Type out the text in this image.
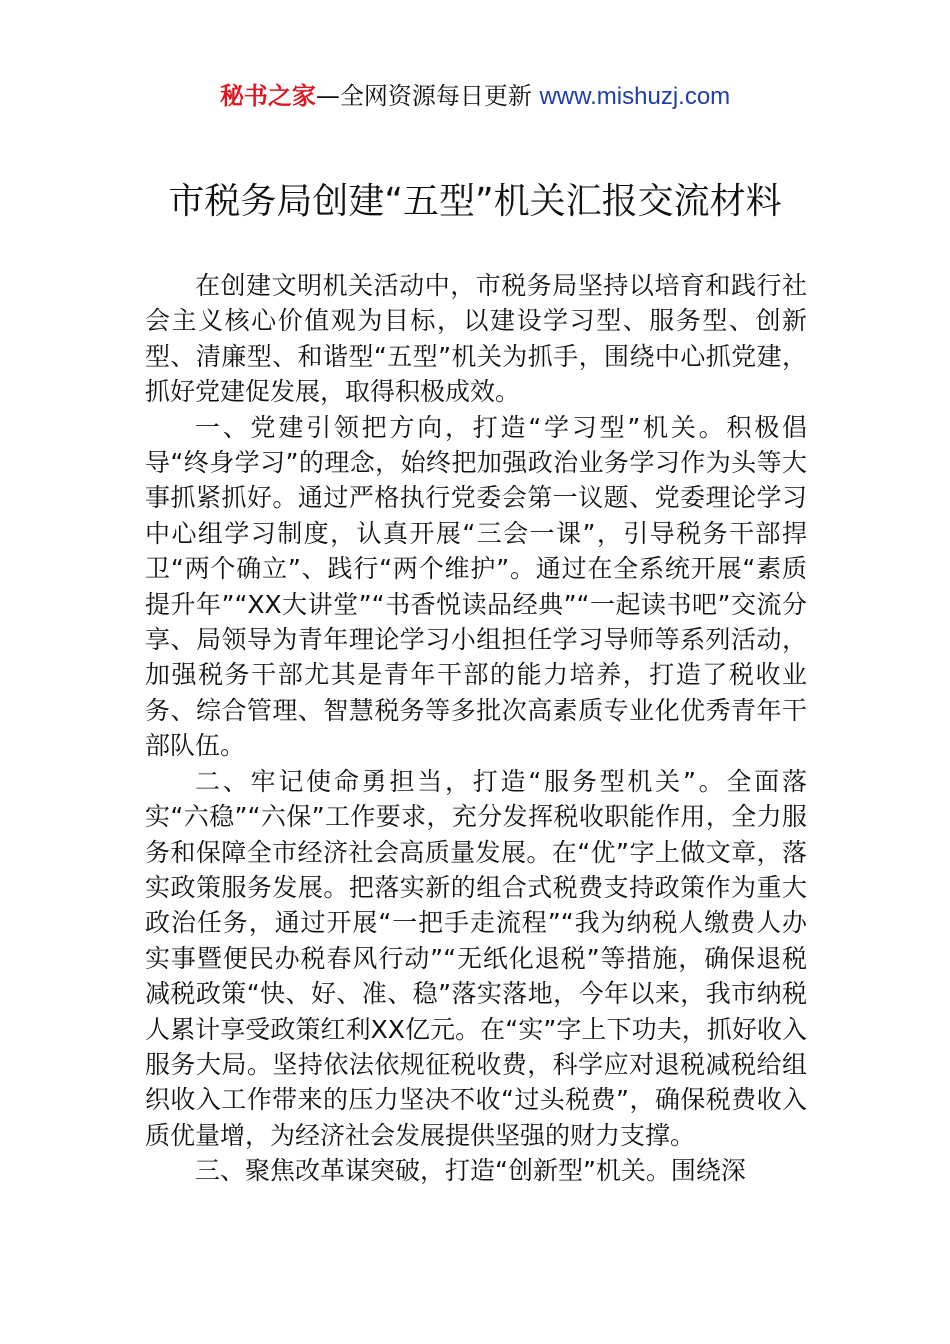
秘书之家—全网资源每日更新 www.mishuzj.com
市税务局创建“五型”机关汇报交流材料

在创建文明机关活动中，市税务局坚持以培育和践行社会主义核心价值观为目标，以建设学习型、服务型、创新型、清廉型、和谐型“五型”机关为抓手，围绕中心抓党建，抓好党建促发展，取得积极成效。

一、党建引领把方向，打造“学习型”机关。积极倡导“终身学习”的理念，始终把加强政治业务学习作为头等大事抓紧抓好。通过严格执行党委会第一议题、党委理论学习中心组学习制度，认真开展“三会一课”，引导税务干部捍卫“两个确立”、践行“两个维护”。通过在全系统开展“素质提升年”“XX大讲堂”“书香悦读品经典”“一起读书吧”交流分享、局领导为青年理论学习小组担任学习导师等系列活动，加强税务干部尤其是青年干部的能力培养，打造了税收业务、综合管理、智慧税务等多批次高素质专业化优秀青年干部队伍。

二、牢记使命勇担当，打造“服务型机关”。全面落实“六稳”“六保”工作要求，充分发挥税收职能作用，全力服务和保障全市经济社会高质量发展。在“优”字上做文章，落实政策服务发展。把落实新的组合式税费支持政策作为重大政治任务，通过开展“一把手走流程”“我为纳税人缴费人办实事暨便民办税春风行动”“无纸化退税”等措施，确保退税减税政策“快、好、准、稳”落实落地，今年以来，我市纳税人累计享受政策红利XX亿元。在“实”字上下功夫，抓好收入服务大局。坚持依法依规征税收费，科学应对退税减税给组织收入工作带来的压力坚决不收“过头税费”，确保税费收入质优量增，为经济社会发展提供坚强的财力支撑。

三、聚焦改革谋突破，打造“创新型”机关。围绕深
